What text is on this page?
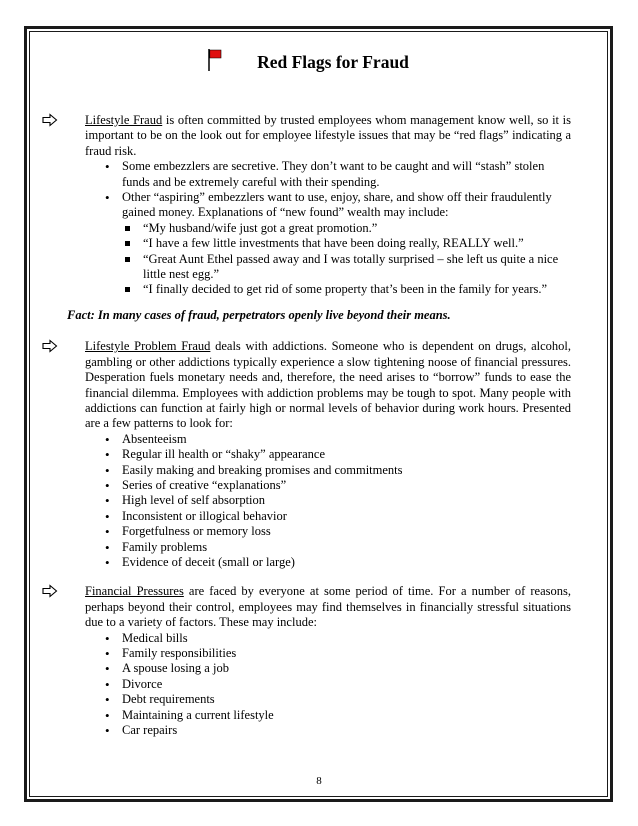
Red Flags for Fraud
Lifestyle Fraud is often committed by trusted employees whom management know well, so it is important to be on the look out for employee lifestyle issues that may be “red flags” indicating a fraud risk.
• Some embezzlers are secretive. They don’t want to be caught and will “stash” stolen funds and be extremely careful with their spending.
• Other “aspiring” embezzlers want to use, enjoy, share, and show off their fraudulently gained money. Explanations of “new found” wealth may include:
“My husband/wife just got a great promotion.”
“I have a few little investments that have been doing really, REALLY well.”
“Great Aunt Ethel passed away and I was totally surprised – she left us quite a nice little nest egg.”
“I finally decided to get rid of some property that’s been in the family for years.”
Fact: In many cases of fraud, perpetrators openly live beyond their means.
Lifestyle Problem Fraud deals with addictions. Someone who is dependent on drugs, alcohol, gambling or other addictions typically experience a slow tightening noose of financial pressures. Desperation fuels monetary needs and, therefore, the need arises to “borrow” funds to ease the financial dilemma. Employees with addiction problems may be tough to spot. Many people with addictions can function at fairly high or normal levels of behavior during work hours. Presented are a few patterns to look for:
• Absenteeism
• Regular ill health or “shaky” appearance
• Easily making and breaking promises and commitments
• Series of creative “explanations”
• High level of self absorption
• Inconsistent or illogical behavior
• Forgetfulness or memory loss
• Family problems
• Evidence of deceit (small or large)
Financial Pressures are faced by everyone at some period of time. For a number of reasons, perhaps beyond their control, employees may find themselves in financially stressful situations due to a variety of factors. These may include:
• Medical bills
• Family responsibilities
• A spouse losing a job
• Divorce
• Debt requirements
• Maintaining a current lifestyle
• Car repairs
8
